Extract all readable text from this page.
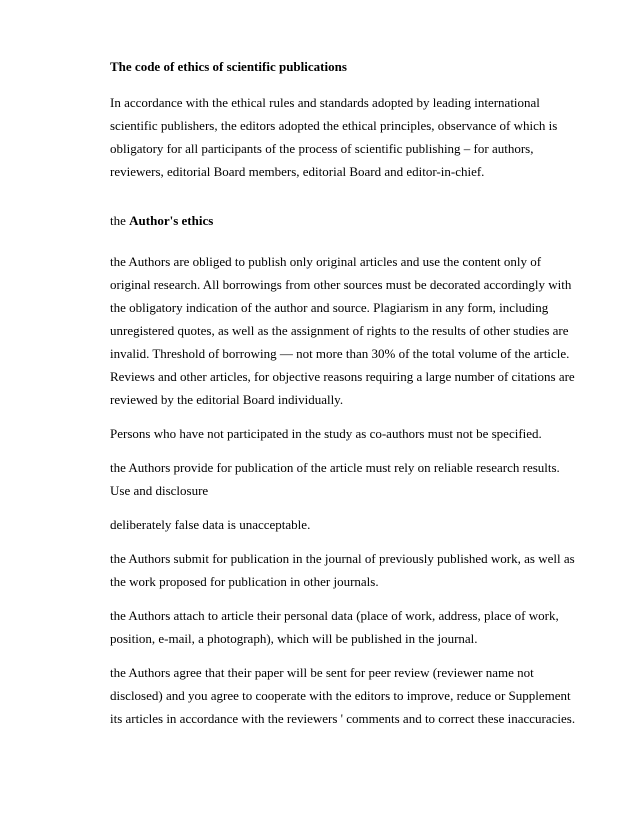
The code of ethics of scientific publications

In accordance with the ethical rules and standards adopted by leading international scientific publishers, the editors adopted the ethical principles, observance of which is obligatory for all participants of the process of scientific publishing – for authors, reviewers, editorial Board members, editorial Board and editor-in-chief.

the Author's ethics

the Authors are obliged to publish only original articles and use the content only of original research. All borrowings from other sources must be decorated accordingly with the obligatory indication of the author and source. Plagiarism in any form, including unregistered quotes, as well as the assignment of rights to the results of other studies are invalid. Threshold of borrowing — not more than 30% of the total volume of the article. Reviews and other articles, for objective reasons requiring a large number of citations are reviewed by the editorial Board individually.

Persons who have not participated in the study as co-authors must not be specified.

the Authors provide for publication of the article must rely on reliable research results. Use and disclosure

deliberately false data is unacceptable.

the Authors submit for publication in the journal of previously published work, as well as the work proposed for publication in other journals.

the Authors attach to article their personal data (place of work, address, place of work, position, e-mail, a photograph), which will be published in the journal.

the Authors agree that their paper will be sent for peer review (reviewer name not disclosed) and you agree to cooperate with the editors to improve, reduce or Supplement its articles in accordance with the reviewers ' comments and to correct these inaccuracies.
